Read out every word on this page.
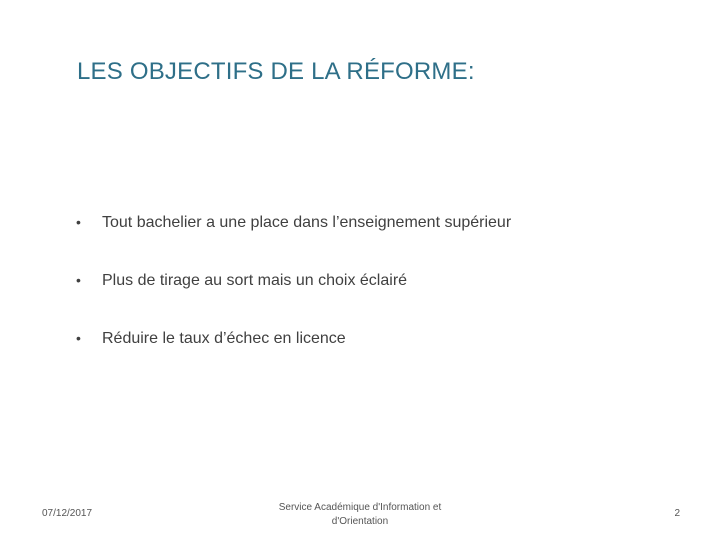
LES OBJECTIFS DE LA RÉFORME:
•	Tout bachelier a une place dans l’enseignement supérieur
•	Plus de tirage au sort mais un choix éclairé
•	Réduire le taux d’échec en licence
07/12/2017
Service Académique d'Information et
d'Orientation
2
